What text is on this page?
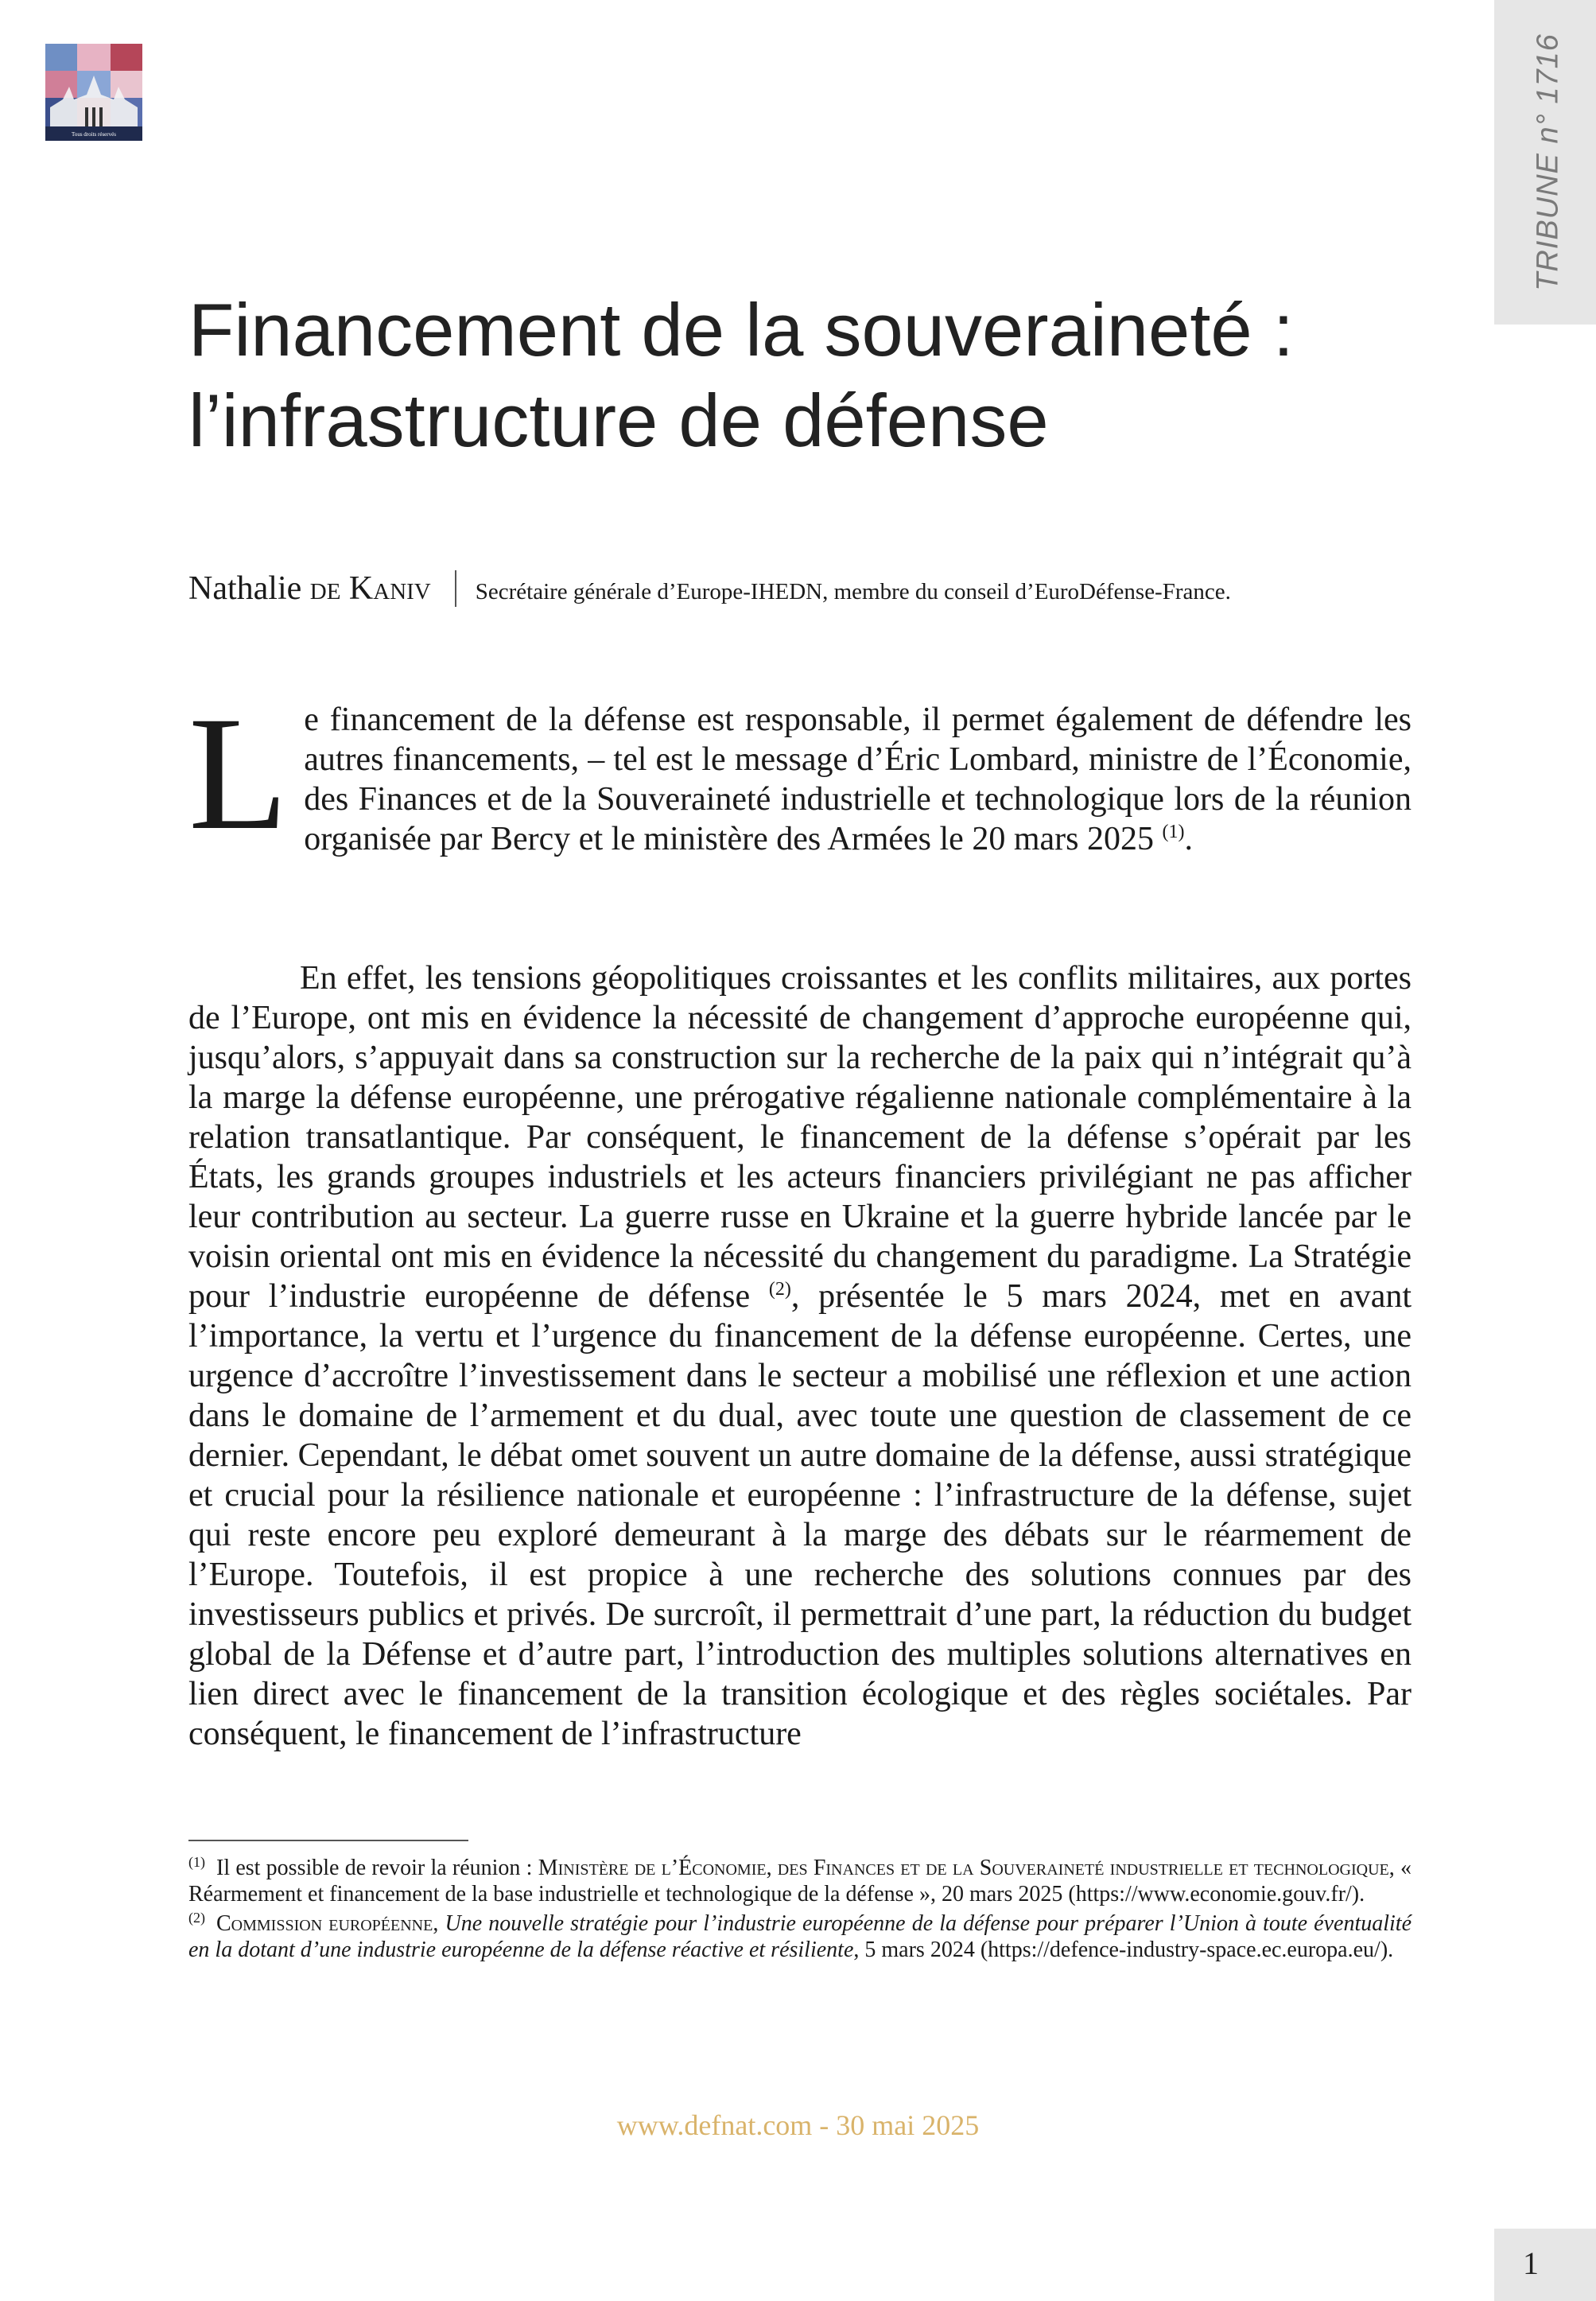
Tous droits réservés	TRIBUNE n° 1716
Financement de la souveraineté :
l’infrastructure de défense
Nathalie de Kaniv Secrétaire générale d’Europe-IHEDN, membre du conseil d’EuroDéfense-France.

Le financement de la défense est responsable, il permet également de défendre les autres financements, – tel est le message d’Éric Lombard, ministre de l’Économie, des Finances et de la Souveraineté industrielle et technologique lors de la réunion organisée par Bercy et le ministère des Armées le 20 mars 2025 $^{(1)}$.

En effet, les tensions géopolitiques croissantes et les conflits militaires, aux portes de l’Europe, ont mis en évidence la nécessité de changement d’approche européenne qui, jusqu’alors, s’appuyait dans sa construction sur la recherche de la paix qui n’intégrait qu’à la marge la défense européenne, une prérogative régalienne nationale complémentaire à la relation transatlantique. Par conséquent, le financement de la défense s’opérait par les États, les grands groupes industriels et les acteurs financiers privilégiant ne pas afficher leur contribution au secteur. La guerre russe en Ukraine et la guerre hybride lancée par le voisin oriental ont mis en évidence la nécessité du changement du paradigme. La Stratégie pour l’industrie européenne de défense $^{(2)}$, présentée le 5 mars 2024, met en avant l’importance, la vertu et l’urgence du financement de la défense européenne. Certes, une urgence d’accroître l’investissement dans le secteur a mobilisé une réflexion et une action dans le domaine de l’armement et du dual, avec toute une question de classement de ce dernier. Cependant, le débat omet souvent un autre domaine de la défense, aussi stratégique et crucial pour la résilience nationale et européenne : l’infrastructure de la défense, sujet qui reste encore peu exploré demeurant à la marge des débats sur le réarmement de l’Europe. Toutefois, il est propice à une recherche des solutions connues par des investisseurs publics et privés. De surcroît, il permettrait d’une part, la réduction du budget global de la Défense et d’autre part, l’introduction des multiples solutions alternatives en lien direct avec le financement de la transition écologique et des règles sociétales. Par conséquent, le financement de l’infrastructure

$^{(1)}$ Il est possible de revoir la réunion : Ministère de l’Économie, des Finances et de la Souveraineté industrielle et technologique, « Réarmement et financement de la base industrielle et technologique de la défense », 20 mars 2025 (https://www.economie.gouv.fr/).

$^{(2)}$ Commission européenne, Une nouvelle stratégie pour l’industrie européenne de la défense pour préparer l’Union à toute éventualité en la dotant d’une industrie européenne de la défense réactive et résiliente, 5 mars 2024 (https://defence-industry-space.ec.europa.eu/).

www.defnat.com - 30 mai 2025
1
